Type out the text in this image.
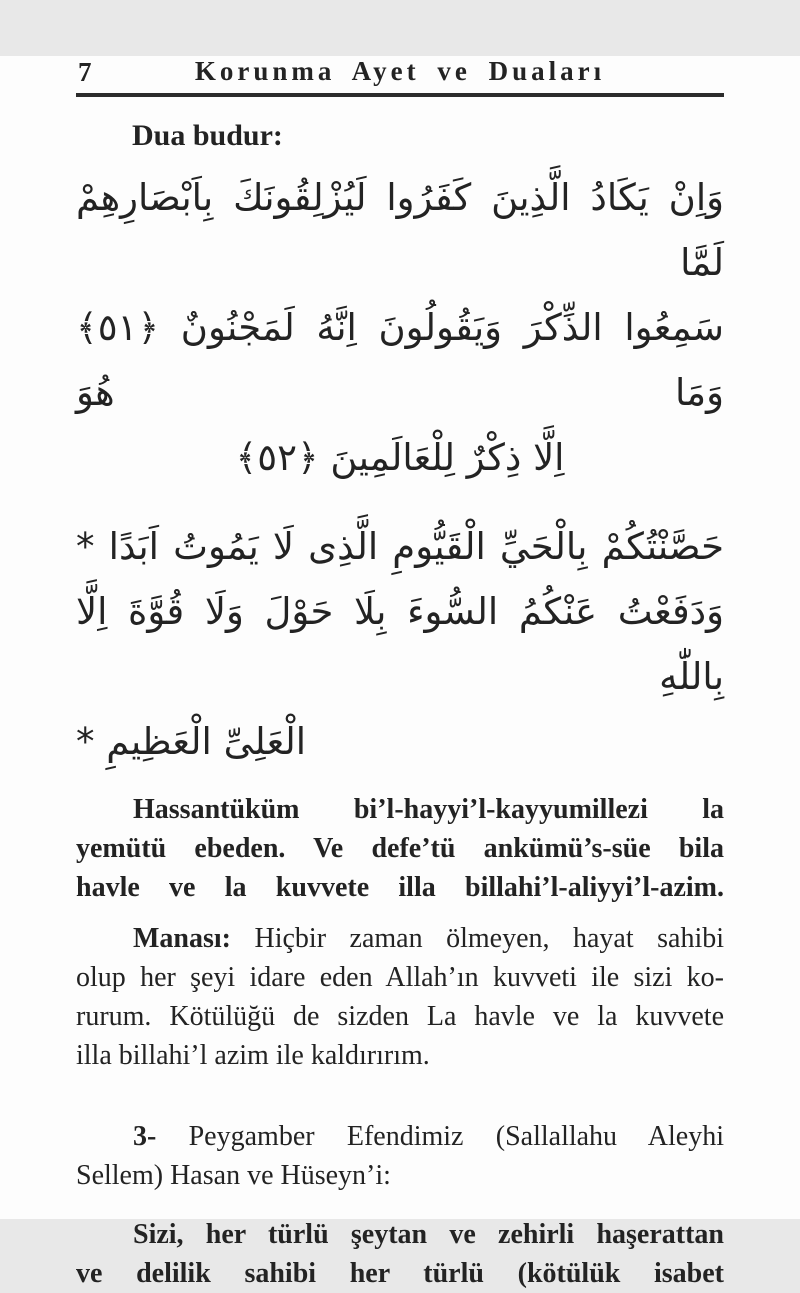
7	Korunma Ayet ve Duaları
Dua budur:
وَاِنْ يَكَادُ الَّذِينَ كَفَرُوا لَيُزْلِقُونَكَ بِاَبْصَارِهِمْ لَمَّا
سَمِعُوا الذِّكْرَ وَيَقُولُونَ اِنَّهُ لَمَجْنُونٌ ﴿٥١﴾ وَمَا هُوَ
اِلَّا ذِكْرٌ لِلْعَالَمِينَ ﴿٥٢﴾
حَصَّنْتُكُمْ بِالْحَيِّ الْقَيُّومِ الَّذِى لَا يَمُوتُ اَبَدًا *
وَدَفَعْتُ عَنْكُمُ السُّوءَ بِلَا حَوْلَ وَلَا قُوَّةَ اِلَّا بِاللّٰهِ
الْعَلِىِّ الْعَظِيمِ *
Hassantüküm bi’l-hayyi’l-kayyumillezi la
yemütü ebeden. Ve defe’tü ankümü’s-süe bila
havle ve la kuvvete illa billahi’l-aliyyi’l-azim.
Manası: Hiçbir zaman ölmeyen, hayat sahibi
olup her şeyi idare eden Allah’ın kuvveti ile sizi ko-
rurum. Kötülüğü de sizden La havle ve la kuvvete
illa billahi’l azim ile kaldırırım.
3- Peygamber Efendimiz (Sallallahu Aleyhi
Sellem) Hasan ve Hüseyn’i:
Sizi, her türlü şeytan ve zehirli haşerattan
ve delilik sahibi her türlü (kötülük isabet
